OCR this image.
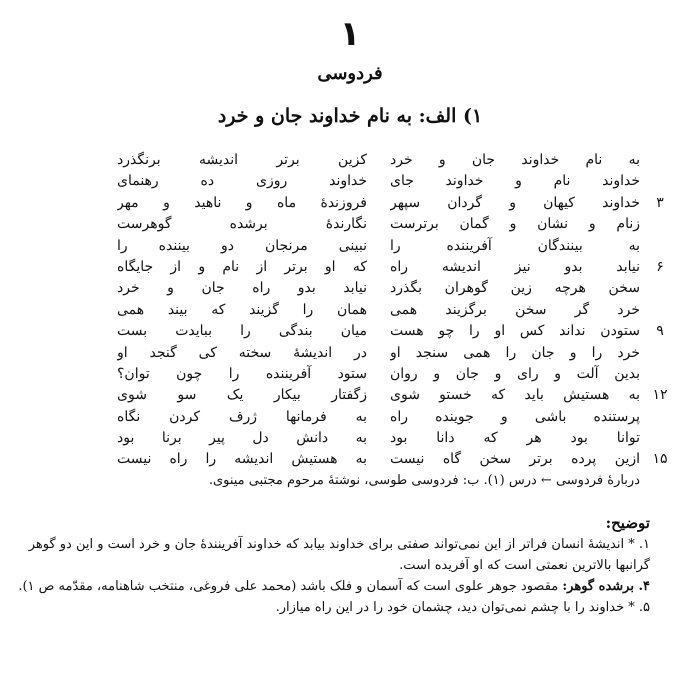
۱
فردوسی
۱) الف: به نام خداوند جان و خرد
به نام خداوند جان و خرد
کزین برتر اندیشه برنگذرد
خداوند نام و خداوند جای
خداوند روزی ده رهنمای
۳
خداوند کیهان و گردان سپهر
فروزندهٔ ماه و ناهید و مهر
زنام و نشان و گمان برترست
نگارندهٔ برشده گوهرست
به بینندگان آفریننده را
نبینی مرنجان دو بیننده را
۶
نیابد بدو نیز اندیشه راه
که او برتر از نام و از جایگاه
سخن هرچه زین گوهران بگذرد
نیابد بدو راه جان و خرد
خرد گر سخن برگزیند همی
همان را گزیند که بیند همی
۹
ستودن نداند کس او را چو هست
میان بندگی را ببایدت بست
خرد را و جان را همی سنجد او
در اندیشهٔ سخته کی گنجد او
بدین آلت و رای و جان و روان
ستود آفریننده را چون توان؟
۱۲
به هستیش باید که خستو شوی
زگفتار بیکار یک سو شوی
پرستنده باشی و جوینده راه
به فرمانها ژرف کردن نگاه
توانا بود هر که دانا بود
به دانش دل پیر برنا بود
۱۵
ازین پرده برتر سخن گاه نیست
به هستیش اندیشه را راه نیست
دربارهٔ فردوسی ← درس (۱). ب: فردوسی طوسی، نوشتهٔ مرحوم مجتبی مینوی.
توضیح:
۱. * اندیشهٔ انسان فراتر از این نمی‌تواند صفتی برای خداوند بیابد که خداوند آفرینندهٔ جان و خرد است و این دو گوهر گرانبها بالاترین نعمتی است که او آفریده است.
۴. برشده گوهر: مقصود جوهر علوی است که آسمان و فلک باشد (محمد علی فروغی، منتخب شاهنامه، مقدّمه ص ۱).
۵. * خداوند را با چشم نمی‌توان دید، چشمان خود را در این راه میازار.
